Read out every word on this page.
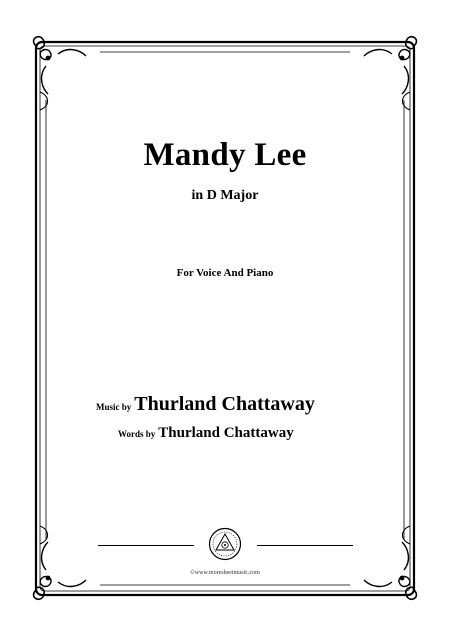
Mandy Lee
in D Major
For Voice And Piano
Music by Thurland Chattaway
Words by Thurland Chattaway
©www.moresheetmusic.com
